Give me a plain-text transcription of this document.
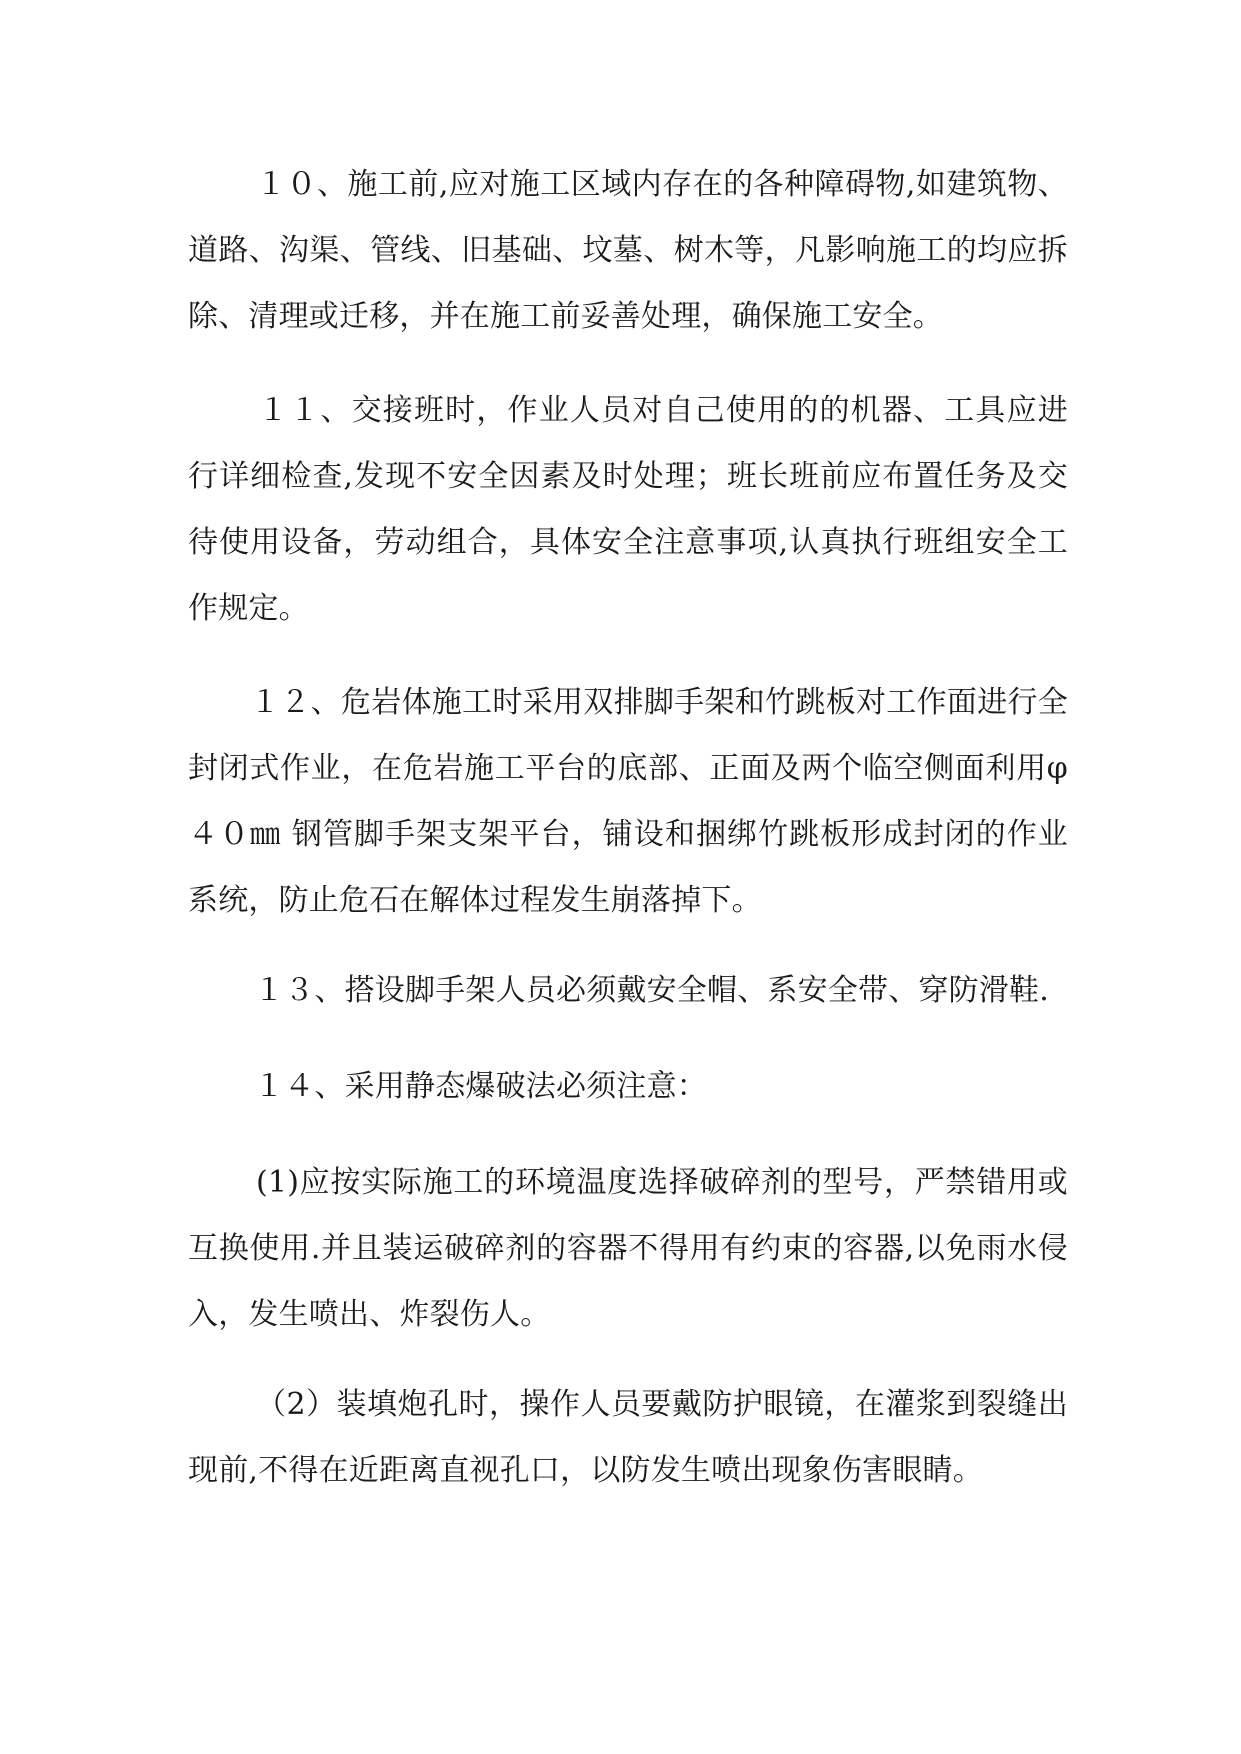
１０、施工前,应对施工区域内存在的各种障碍物,如建筑物、道路、沟渠、管线、旧基础、坟墓、树木等，凡影响施工的均应拆除、清理或迁移，并在施工前妥善处理，确保施工安全。

１１、交接班时，作业人员对自己使用的的机器、工具应进行详细检查,发现不安全因素及时处理；班长班前应布置任务及交待使用设备，劳动组合，具体安全注意事项,认真执行班组安全工作规定。

１２、危岩体施工时采用双排脚手架和竹跳板对工作面进行全封闭式作业，在危岩施工平台的底部、正面及两个临空侧面利用φ４０㎜ 钢管脚手架支架平台，铺设和捆绑竹跳板形成封闭的作业系统，防止危石在解体过程发生崩落掉下。

１３、搭设脚手架人员必须戴安全帽、系安全带、穿防滑鞋.

１４、采用静态爆破法必须注意：

(1)应按实际施工的环境温度选择破碎剂的型号，严禁错用或互换使用.并且装运破碎剂的容器不得用有约束的容器,以免雨水侵入，发生喷出、炸裂伤人。

（2）装填炮孔时，操作人员要戴防护眼镜，在灌浆到裂缝出现前,不得在近距离直视孔口，以防发生喷出现象伤害眼睛。
